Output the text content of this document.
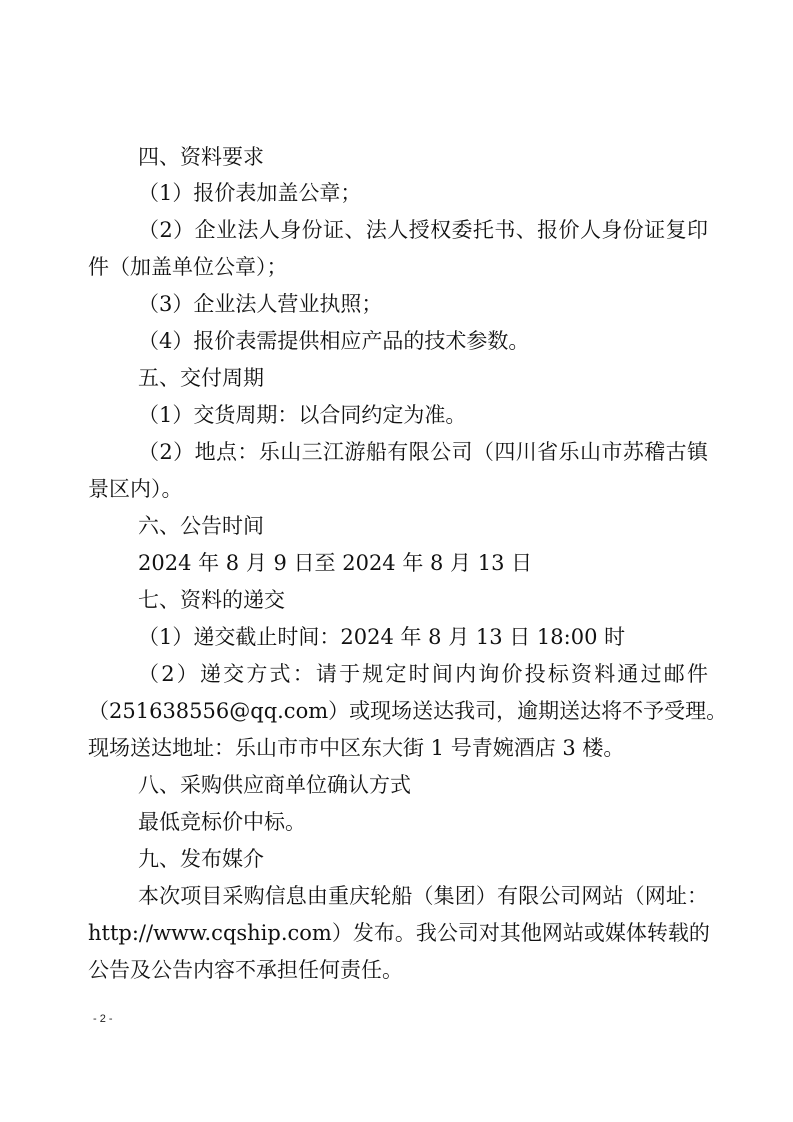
四、资料要求
（1）报价表加盖公章；
（2）企业法人身份证、法人授权委托书、报价人身份证复印
件（加盖单位公章）；
（3）企业法人营业执照；
（4）报价表需提供相应产品的技术参数。
五、交付周期
（1）交货周期：以合同约定为准。
（2）地点：乐山三江游船有限公司（四川省乐山市苏稽古镇
景区内）。
六、公告时间
2024 年 8 月 9 日至 2024 年 8 月 13 日
七、资料的递交
（1）递交截止时间：2024 年 8 月 13 日 18:00 时
（2）递交方式：请于规定时间内询价投标资料通过邮件
（251638556@qq.com）或现场送达我司，逾期送达将不予受理。
现场送达地址：乐山市市中区东大街 1 号青婉酒店 3 楼。
八、采购供应商单位确认方式
最低竞标价中标。
九、发布媒介
本次项目采购信息由重庆轮船（集团）有限公司网站（网址：
http://www.cqship.com）发布。我公司对其他网站或媒体转载的
公告及公告内容不承担任何责任。
- 2 -
